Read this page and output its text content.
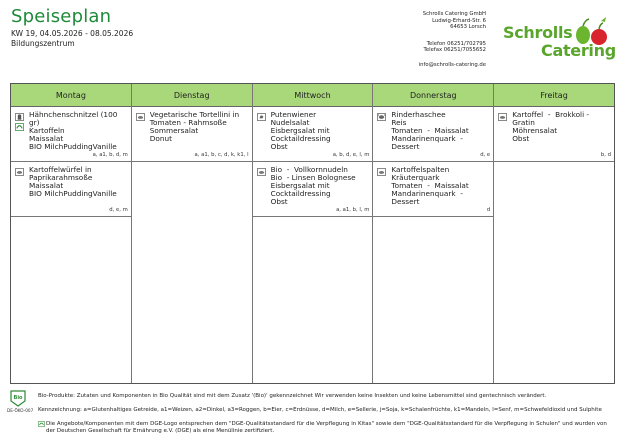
Speiseplan
KW 19, 04.05.2026 - 08.05.2026
Bildungszentrum
Schrolls Catering GmbH
Ludwig-Erhard-Str. 6
64653 Lorsch
Telefon 06251/702795
Telefax 06251/7055652
info@schrolls-catering.de
Schrolls
Catering
Montag
Hähnchenschnitzel (100
gr)
Kartoffeln
Maissalat
BIO MilchPuddingVanille
a, a1, b, d, m
Kartoffelwürfel in
Paprikarahmsoße
Maissalat
BIO MilchPuddingVanille
d, e, m
Dienstag
Vegetarische Tortellini in
Tomaten - Rahmsoße
Sommersalat
Donut
a, a1, b, c, d, k, k1, l
Mittwoch
Putenwiener
Nudelsalat
Eisbergsalat mit
Cocktaildressing
Obst
a, b, d, e, l, m
Bio  -  Vollkornnudeln
Bio  - Linsen Bolognese
Eisbergsalat mit
Cocktaildressing
Obst
a, a1, b, l, m
Donnerstag
Rinderhaschee
Reis
Tomaten  -  Maissalat
Mandarinenquark  -
Dessert
d, e
Kartoffelspalten
Kräuterquark
Tomaten  -  Maissalat
Mandarinenquark  -
Dessert
d
Freitag
Kartoffel  -  Brokkoli -
Gratin
Möhrensalat
Obst
b, d
Bio
DE-ÖKO-007
Bio-Produkte: Zutaten und Komponenten in Bio Qualität sind mit dem Zusatz '(Bio)' gekennzeichnet Wir verwenden keine Insekten und keine Lebensmittel sind gentechnisch verändert.
Kennzeichnung: a=Glutenhaltiges Getreide, a1=Weizen, a2=Dinkel, a3=Roggen, b=Eier, c=Erdnüsse, d=Milch, e=Sellerie, j=Soja, k=Schalenfrüchte, k1=Mandeln, l=Senf, m=Schwefeldioxid und Sulphite
Die Angebote/Komponenten mit dem DGE-Logo entsprechen dem "DGE-Qualitätsstandard für die Verpflegung in Kitas" sowie dem "DGE-Qualitätsstandard für die Verpflegung in Schulen" und wurden von der Deutschen Gesellschaft für Ernährung e.V. (DGE) als eine Menülinie zertifiziert.
